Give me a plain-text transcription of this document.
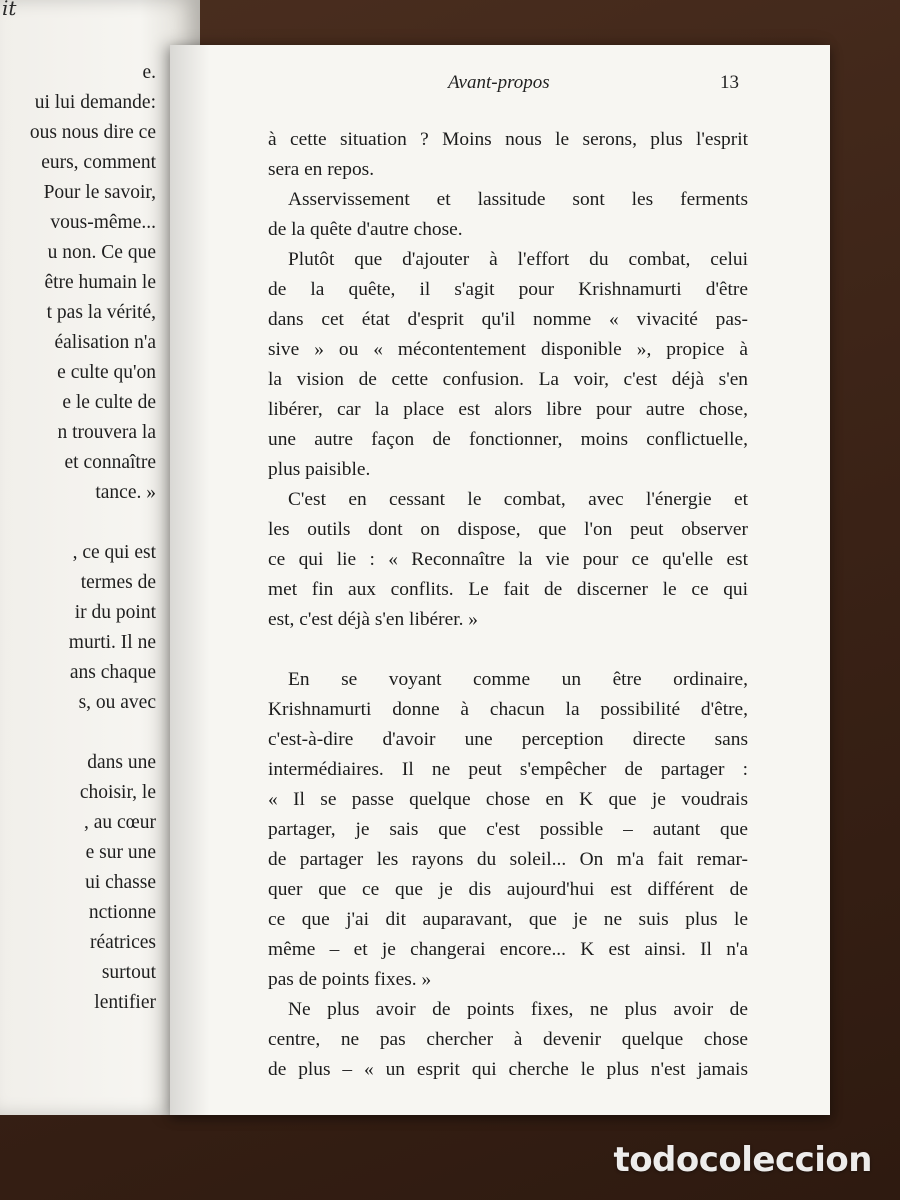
it
e.
ui lui demande:
ous nous dire ce
eurs, comment
Pour le savoir,
vous-même...
u non. Ce que
être humain le
t pas la vérité,
éalisation n'a
e culte qu'on
e le culte de
n trouvera la
et connaître
tance. »
, ce qui est
termes de
ir du point
murti. Il ne
ans chaque
s, ou avec
dans une
choisir, le
, au cœur
e sur une
ui chasse
nctionne
réatrices
surtout
lentifier
Avant-propos	13
à cette situation ? Moins nous le serons, plus l'esprit
sera en repos.
Asservissement et lassitude sont les ferments
de la quête d'autre chose.
Plutôt que d'ajouter à l'effort du combat, celui
de la quête, il s'agit pour Krishnamurti d'être
dans cet état d'esprit qu'il nomme « vivacité pas-
sive » ou « mécontentement disponible », propice à
la vision de cette confusion. La voir, c'est déjà s'en
libérer, car la place est alors libre pour autre chose,
une autre façon de fonctionner, moins conflictuelle,
plus paisible.
C'est en cessant le combat, avec l'énergie et
les outils dont on dispose, que l'on peut observer
ce qui lie : « Reconnaître la vie pour ce qu'elle est
met fin aux conflits. Le fait de discerner le ce qui
est, c'est déjà s'en libérer. »
En se voyant comme un être ordinaire,
Krishnamurti donne à chacun la possibilité d'être,
c'est-à-dire d'avoir une perception directe sans
intermédiaires. Il ne peut s'empêcher de partager :
« Il se passe quelque chose en K que je voudrais
partager, je sais que c'est possible – autant que
de partager les rayons du soleil... On m'a fait remar-
quer que ce que je dis aujourd'hui est différent de
ce que j'ai dit auparavant, que je ne suis plus le
même – et je changerai encore... K est ainsi. Il n'a
pas de points fixes. »
Ne plus avoir de points fixes, ne plus avoir de
centre, ne pas chercher à devenir quelque chose
de plus – « un esprit qui cherche le plus n'est jamais
todocoleccion
